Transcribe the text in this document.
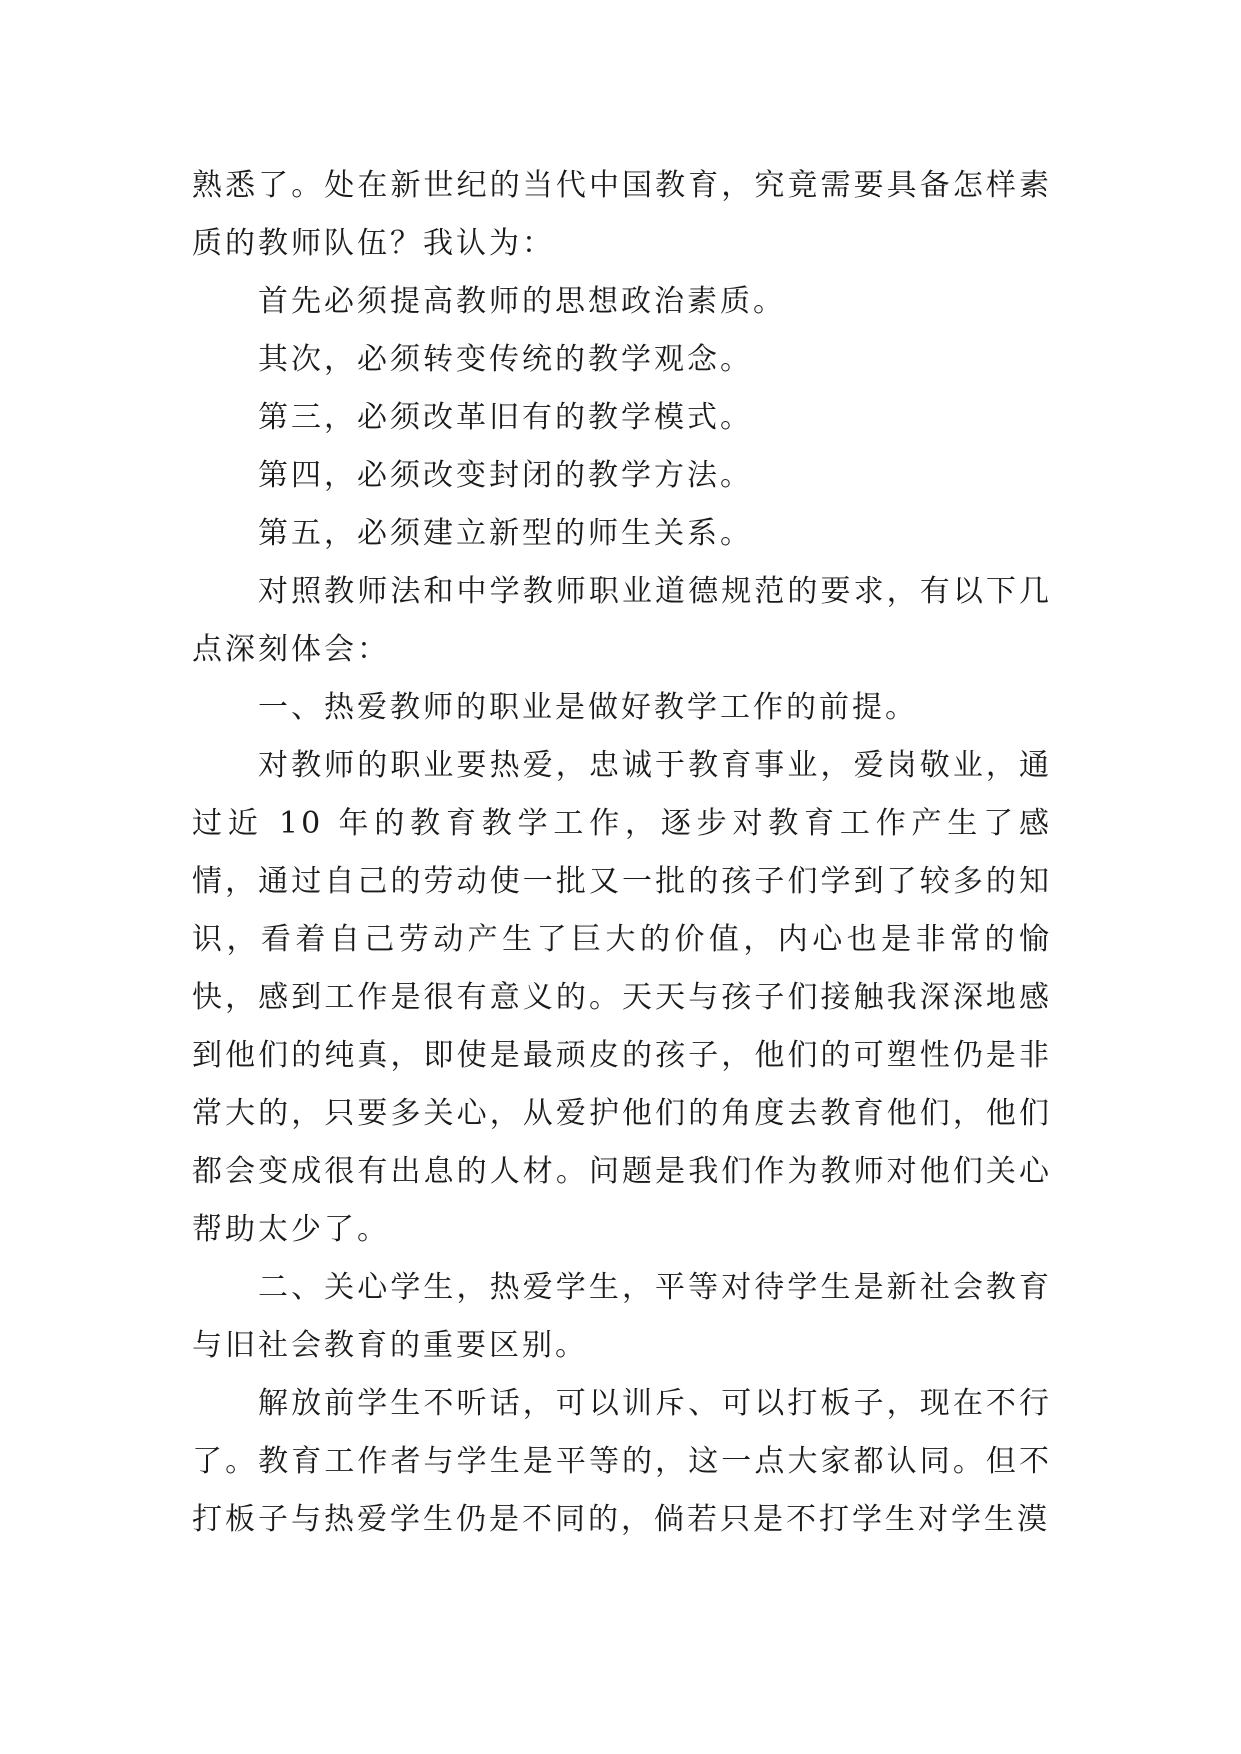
熟悉了。处在新世纪的当代中国教育，究竟需要具备怎样素质的教师队伍？我认为：

首先必须提高教师的思想政治素质。

其次，必须转变传统的教学观念。

第三，必须改革旧有的教学模式。

第四，必须改变封闭的教学方法。

第五，必须建立新型的师生关系。

对照教师法和中学教师职业道德规范的要求，有以下几点深刻体会：

一、热爱教师的职业是做好教学工作的前提。

对教师的职业要热爱，忠诚于教育事业，爱岗敬业，通过近 10 年的教育教学工作，逐步对教育工作产生了感情，通过自己的劳动使一批又一批的孩子们学到了较多的知识，看着自己劳动产生了巨大的价值，内心也是非常的愉快，感到工作是很有意义的。天天与孩子们接触我深深地感到他们的纯真，即使是最顽皮的孩子，他们的可塑性仍是非常大的，只要多关心，从爱护他们的角度去教育他们，他们都会变成很有出息的人材。问题是我们作为教师对他们关心帮助太少了。

二、关心学生，热爱学生，平等对待学生是新社会教育与旧社会教育的重要区别。

解放前学生不听话，可以训斥、可以打板子，现在不行了。教育工作者与学生是平等的，这一点大家都认同。但不打板子与热爱学生仍是不同的，倘若只是不打学生对学生漠
